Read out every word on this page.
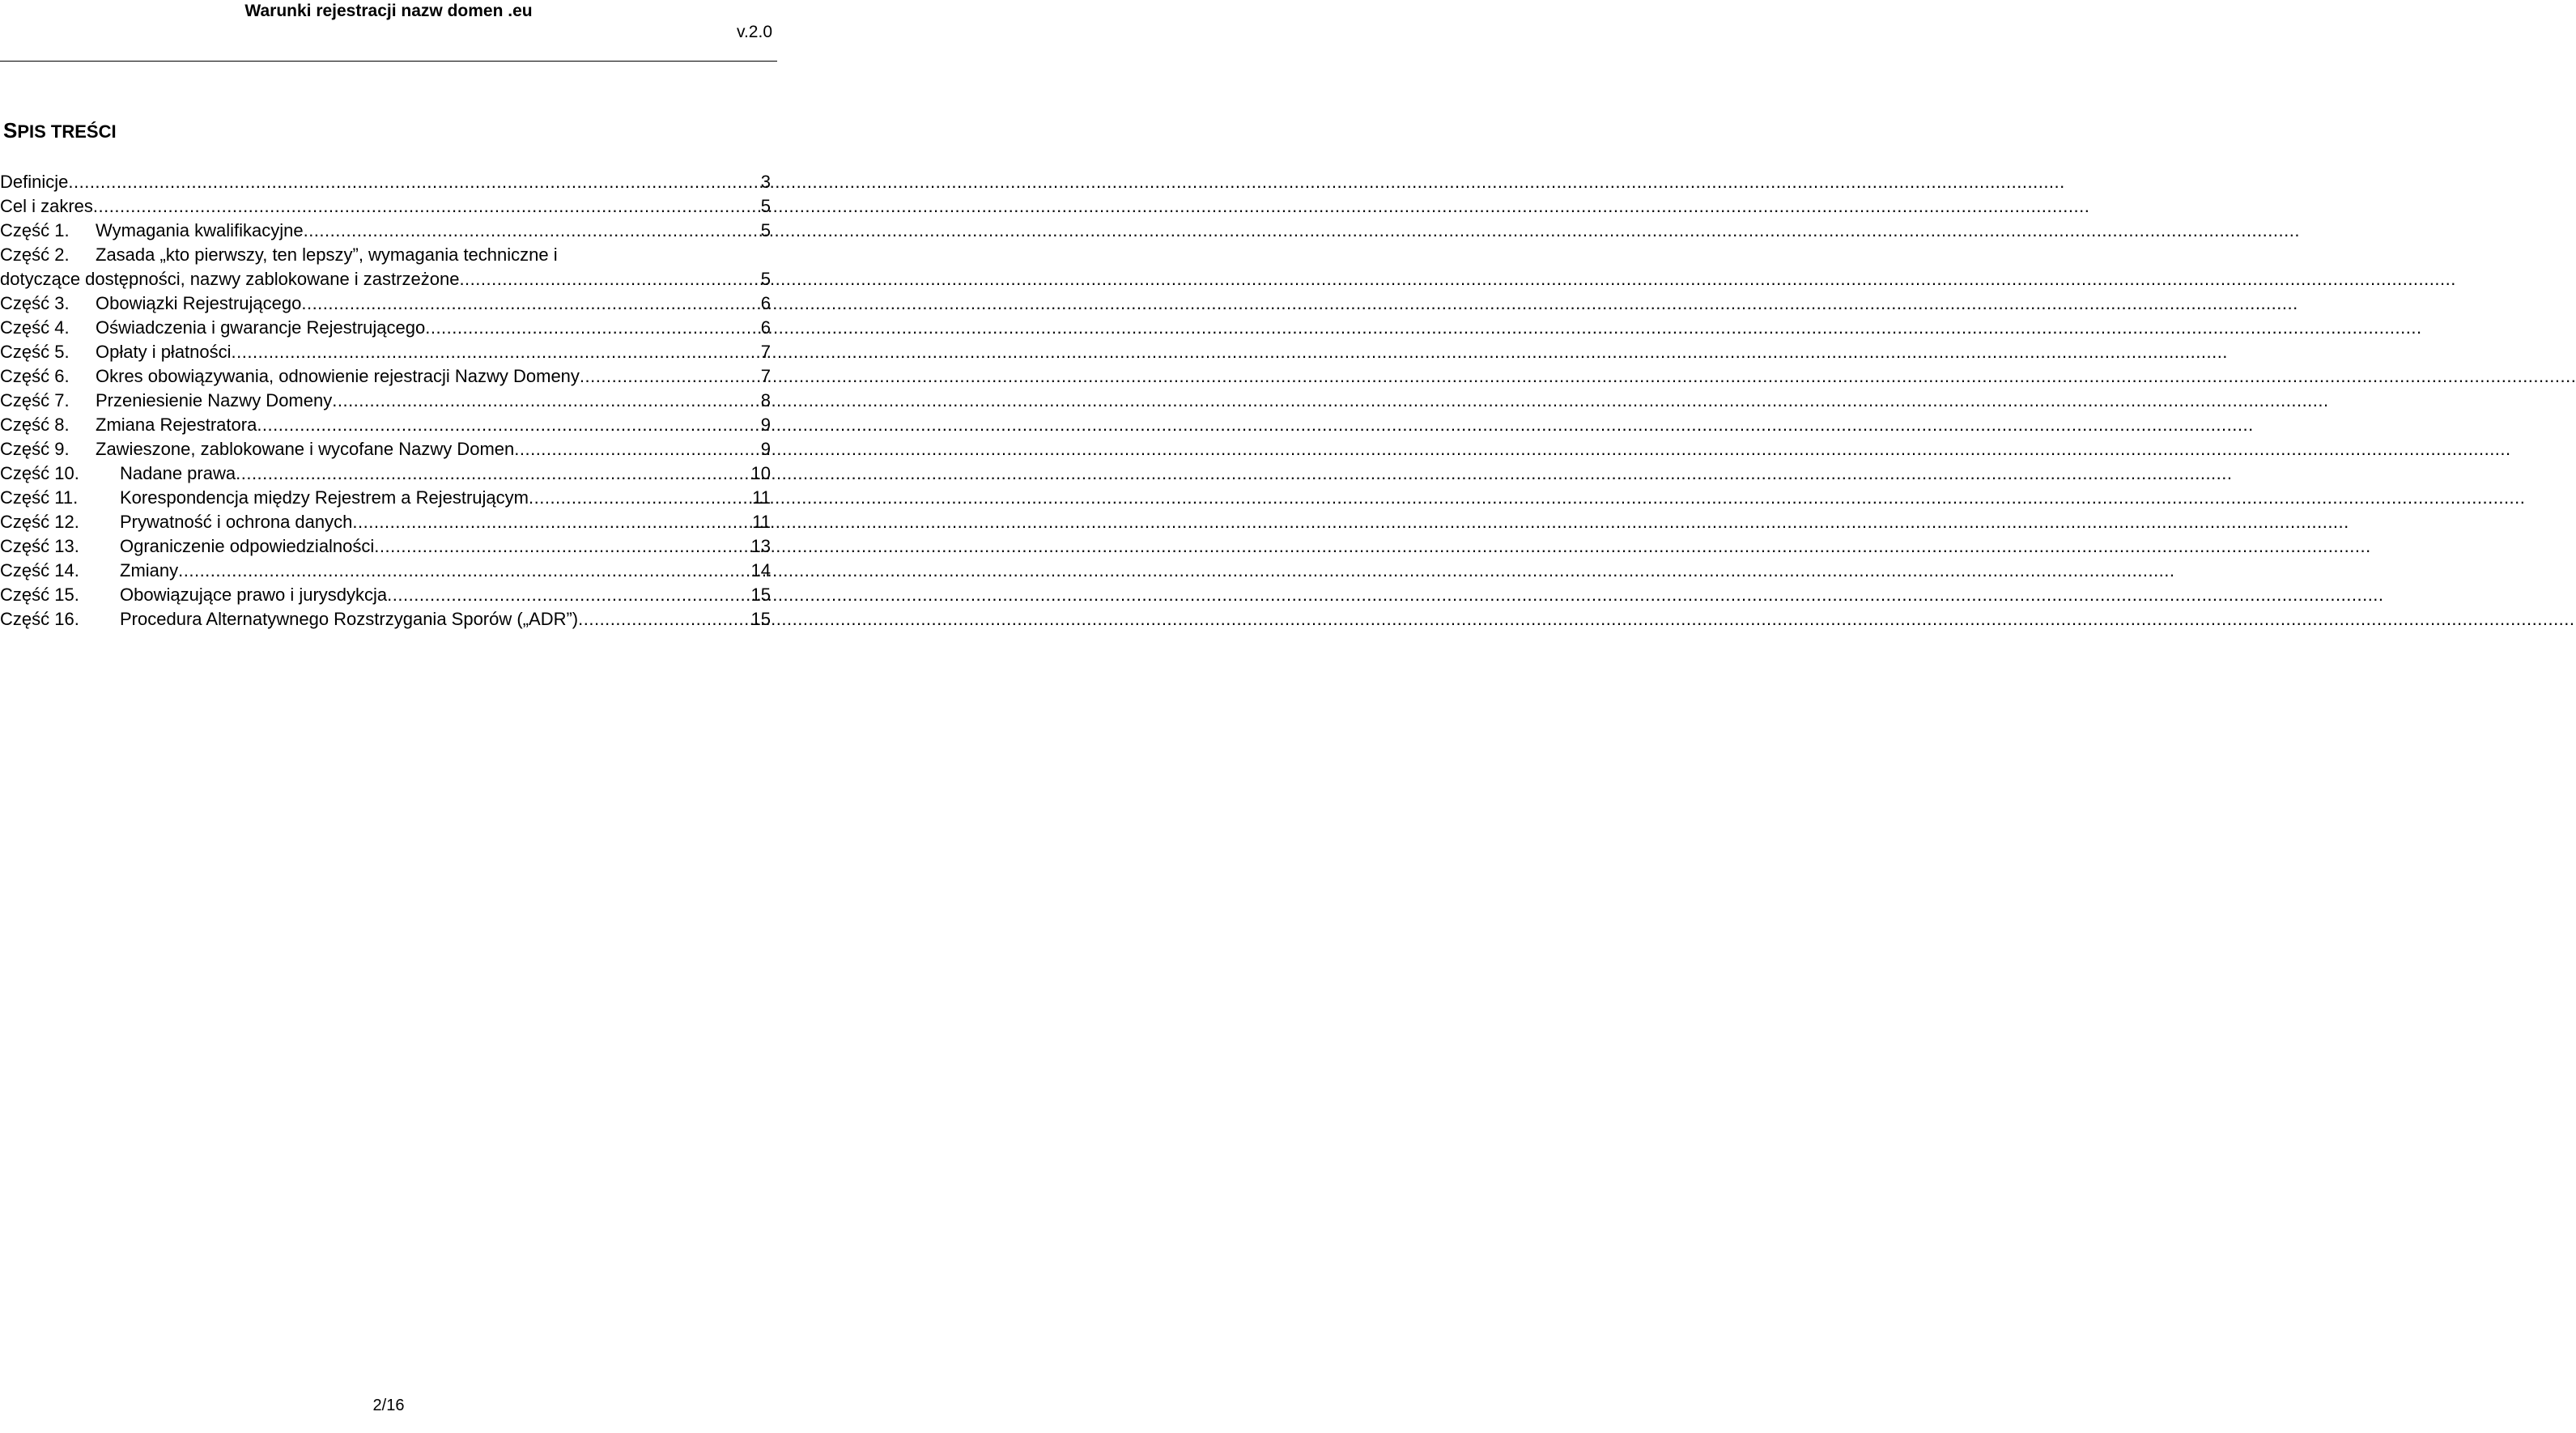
Warunki rejestracji nazw domen .eu
v.2.0
SPIS TREŚCI
Definicje .....	3
Cel i zakres .....	5
Część 1.	Wymagania kwalifikacyjne .....	5
Część 2.	Zasada „kto pierwszy, ten lepszy”, wymagania techniczne i
dotyczące dostępności, nazwy zablokowane i zastrzeżone .....	5
Część 3.	Obowiązki Rejestrującego .....	6
Część 4.	Oświadczenia i gwarancje Rejestrującego .....	6
Część 5.	Opłaty i płatności .....	7
Część 6.	Okres obowiązywania, odnowienie rejestracji Nazwy Domeny .....	7
Część 7.	Przeniesienie Nazwy Domeny .....	8
Część 8.	Zmiana Rejestratora .....	9
Część 9.	Zawieszone, zablokowane i wycofane Nazwy Domen .....	9
Część 10.	Nadane prawa .....	10
Część 11.	Korespondencja między Rejestrem a Rejestrującym .....	11
Część 12.	Prywatność i ochrona danych .....	11
Część 13.	Ograniczenie odpowiedzialności .....	13
Część 14.	Zmiany .....	14
Część 15.	Obowiązujące prawo i jurysdykcja .....	15
Część 16.	Procedura Alternatywnego Rozstrzygania Sporów („ADR”) .....	15
2/16
